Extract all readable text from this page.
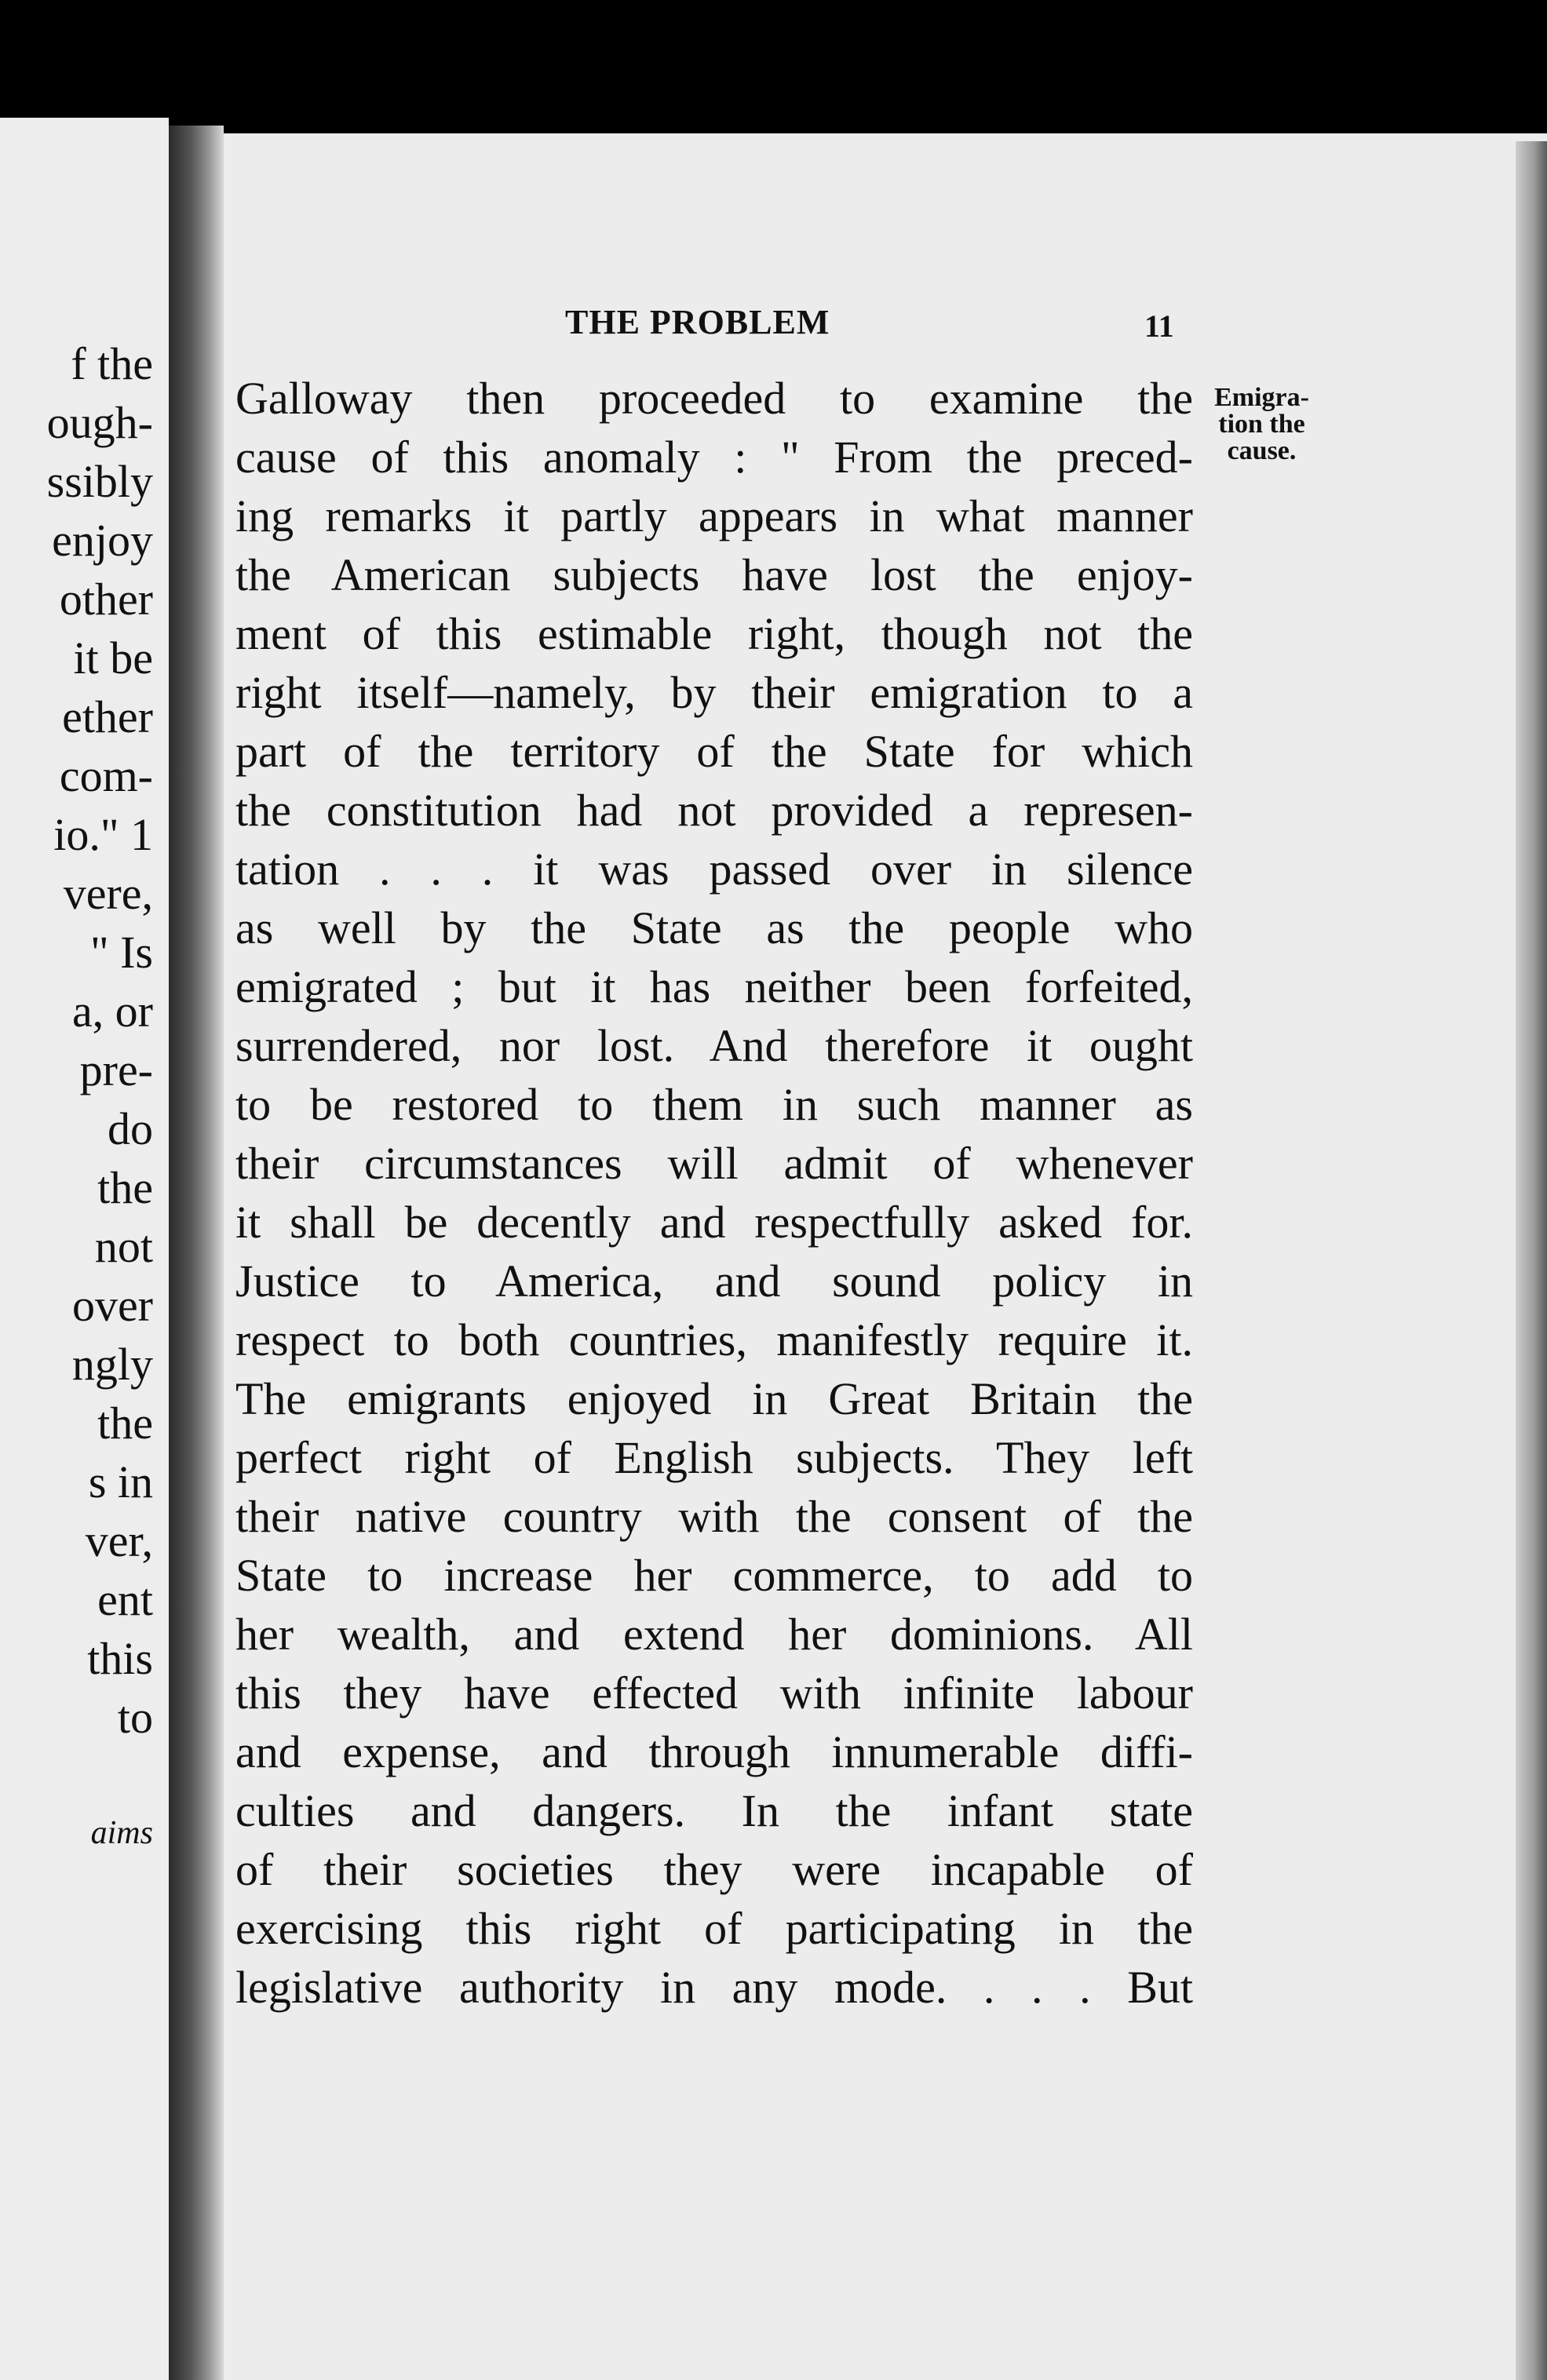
f the
ough-
ssibly
enjoy
other
it be
ether
com-
io." 1
vere,
" Is
a, or
pre-
do
the
not
over
ngly
the
s in
ver,
ent
this
to
aims
THE PROBLEM	11
Emigra-
tion the
cause.
Galloway then proceeded to examine the
cause of this anomaly : " From the preced-
ing remarks it partly appears in what manner
the American subjects have lost the enjoy-
ment of this estimable right, though not the
right itself—namely, by their emigration to a
part of the territory of the State for which
the constitution had not provided a represen-
tation . . . it was passed over in silence
as well by the State as the people who
emigrated ; but it has neither been forfeited,
surrendered, nor lost. And therefore it ought
to be restored to them in such manner as
their circumstances will admit of whenever
it shall be decently and respectfully asked for.
Justice to America, and sound policy in
respect to both countries, manifestly require it.
The emigrants enjoyed in Great Britain the
perfect right of English subjects. They left
their native country with the consent of the
State to increase her commerce, to add to
her wealth, and extend her dominions. All
this they have effected with infinite labour
and expense, and through innumerable diffi-
culties and dangers. In the infant state
of their societies they were incapable of
exercising this right of participating in the
legislative authority in any mode. . . . But
